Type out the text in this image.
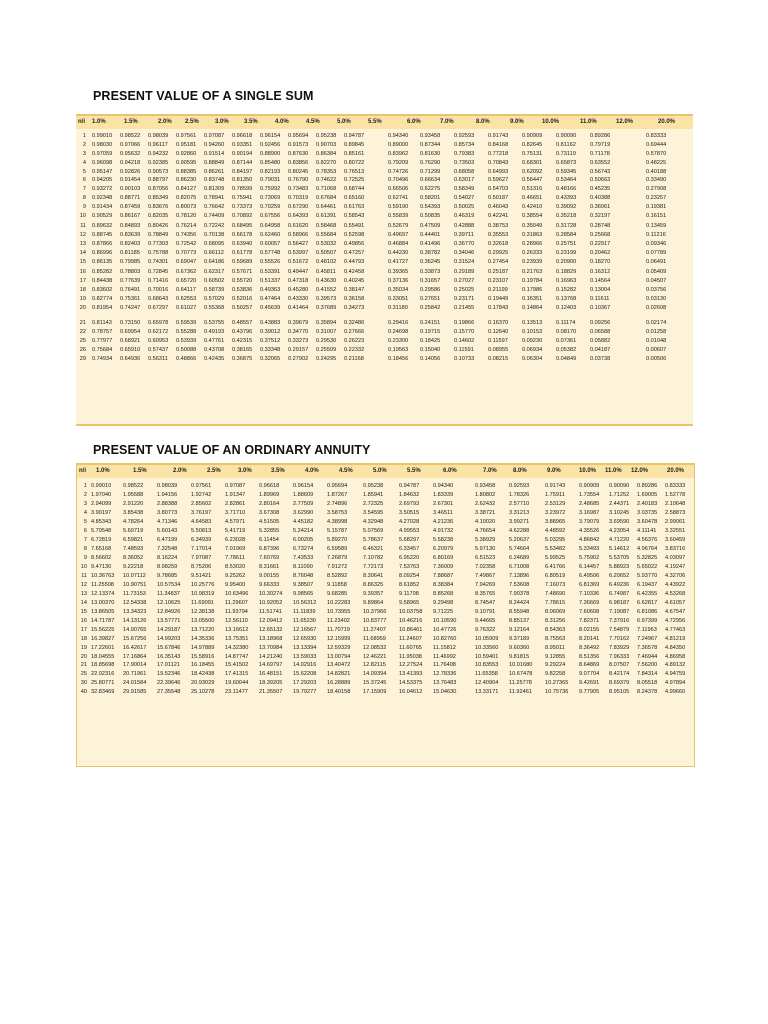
PRESENT VALUE OF A SINGLE SUM
n/i 1.0%	1.5%	2.0% 2.5%	3.0%	3.5%	4.0%	4.5%	5.0%	5.5%	6.0%	7.0%	8.0%	9.0%	10.0%	11.0%	12.0%	20.0%
1 0.99010 0.98522 0.98039 0.97561 0.97087 0.96618 0.96154 0.95694 0.95238 0.94787	0.94340 0.93458 0.92593 0.91743 0.90909 0.90090 0.89286	0.83333
2 0.98030 0.97066 0.96117 0.95181 0.94260 0.93351 0.92456 0.91573 0.90703 0.89845	0.89000 0.87344 0.85734 0.84168 0.82645 0.81162	0.79719	0.69444
3 0.97059 0.95632 0.94232 0.92860 0.91514 0.90194 0.88900 0.87630 0.86384 0.85161	0.83962 0.81630 0.79383 0.77218 0.75131 0.73119	0.71178	0.57870
4 0.96098 0.94218 0.92385 0.90595 0.88849 0.87144 0.85480 0.83856 0.82270 0.80722	0.79209 0.76290 0.73503 0.70843 0.68301 0.65873 0.63552	0.48225
5 0.95147 0.92826 0.90573 0.88385 0.86261 0.84197 0.82193 0.80245 0.78353 0.76513	0.74726 0.71299 0.68058 0.64993 0.62092 0.59345 0.56743	0.40188
6 0.94205 0.91454 0.88797 0.86230 0.83748 0.81350 0.79031 0.76790 0.74622 0.72525	0.70496 0.66634 0.63017 0.59627 0.56447 0.53464 0.50663	0.33490
7 0.93272 0.90103 0.87056 0.84127 0.81309 0.78599 0.75992 0.73483 0.71068 0.68744	0.66506 0.62275 0.58349 0.54703 0.51316 0.48166 0.45235	0.27908
8 0.92348 0.88771 0.85349 0.82075 0.78941 0.75941 0.73069 0.70319 0.67684 0.65160	0.62741 0.58201 0.54027 0.50187 0.46651 0.43393 0.40388	0.23257
9 0.91434 0.87459 0.83676 0.80073 0.76642 0.73373 0.70259 0.67290 0.64461 0.61763	0.59190 0.54393 0.50025 0.46043 0.42410 0.39092 0.36061	0.19381
10 0.90529 0.86167 0.82035 0.78120 0.74409 0.70892 0.67556 0.64393 0.61391 0.58543	0.55839 0.50835 0.46319 0.42241 0.38554 0.35218 0.32197	0.16151
11 0.89632 0.84893 0.80426 0.76214 0.72242 0.68495 0.64958 0.61620 0.58468 0.55491	0.52679 0.47509 0.42888 0.38753 0.35049 0.31728 0.28748	0.13459
12 0.88745 0.83639 0.78849 0.74356 0.70138 0.66178 0.62460 0.58966 0.55684 0.52598	0.49697 0.44401 0.39711	0.35553 0.31863 0.28584 0.25668	0.11216
13 0.87866 0.82403 0.77303 0.72542 0.68095 0.63940 0.60057 0.56427 0.53032 0.49856	0.46884 0.41496 0.36770 0.32618 0.28966 0.25751 0.22917	0.09346
14 0.86996 0.81185 0.75788 0.70773 0.66112 0.61778 0.57748 0.53997 0.50507 0.47257	0.44230 0.38782 0.34046 0.29925 0.26333 0.23199 0.20462	0.07789
15 0.86135 0.79985 0.74301 0.69047 0.64186 0.59689 0.55526 0.51672 0.48102 0.44793	0.41727 0.36245 0.31524 0.27454 0.23939 0.20900 0.18270	0.06491
16 0.85282 0.78803 0.72845 0.67362 0.62317 0.57671 0.53391 0.49447 0.45811 0.42458	0.39365 0.33873 0.29189 0.25187 0.21763 0.18829 0.16312	0.05409
17 0.84438 0.77639 0.71416 0.65720 0.60502 0.55720 0.51337 0.47318 0.43630 0.40245	0.37136 0.31657 0.27027 0.23107 0.19784 0.16963 0.14564	0.04507
18 0.83602 0.76491 0.70016 0.64117 0.58739 0.53836 0.49363 0.45280 0.41552 0.38147	0.35034 0.29586 0.25025 0.21199	0.17986 0.15282 0.13004	0.03756
19 0.82774 0.75361 0.68643 0.62553 0.57029 0.52016 0.47464 0.43330 0.39573 0.36158	0.33051 0.27651 0.23171 0.19449 0.16351 0.13768 0.11611	0.03130
20 0.81954 0.74247 0.67297 0.61027 0.55368 0.50257 0.45639 0.41464 0.37689 0.34273	0.31180 0.25842 0.21455 0.17843 0.14864 0.12403 0.10367	0.02608
21 0.81143 0.73150 0.65978 0.59539 0.53755 0.48557 0.43883 0.39679 0.35894 0.32486	0.29416 0.24151 0.19866 0.16370 0.13513 0.11174	0.09256	0.02174
22 0.78757 0.69954 0.62172 0.55288 0.49193 0.43796 0.39012 0.34770 0.31007 0.27666	0.24698 0.19715 0.15770 0.12640 0.10153 0.08170 0.06588	0.01258
25 0.77977 0.68921 0.60953 0.53939 0.47761 0.42315 0.37512 0.33273 0.29530 0.26223	0.23300 0.18425 0.14602 0.11597	0.09230 0.07361 0.05882	0.01048
26 0.75684 0.65910 0.57437 0.50088 0.43708 0.38165 0.33348 0.29157 0.25509 0.22332	0.19563 0.15040 0.11591	0.08955 0.06934 0.05382 0.04187	0.00607
29 0.74934 0.64936 0.56311 0.48866 0.42435 0.36875 0.32065 0.27902 0.24295 0.21168	0.18456 0.14056 0.10733 0.08215 0.06304 0.04849 0.03738	0.00506
PRESENT VALUE OF AN ORDINARY ANNUITY
n/i 1.0%	1.5%	2.0%	2.5%	3.0%	3.5%	4.0%	4.5%	5.0%	5.5%	6.0%	7.0%	8.0%	9.0%	10.0% 11.0% 12.0%	20.0%
1 0.99010 0.98522 0.98039 0.97561 0.97087 0.96618 0.96154 0.95694	0.95238	0.94787 0.94340	0.93458 0.92593	0.91743 0.90909 0.90090 0.89286 0.83333
2 1.97040 1.95588 1.94156 1.92742 1.91347 1.89969 1.88609 1.87267	1.85941	1.84632 1.83339	1.80802 1.78326	1.75911	1.73554 1.71252 1.69005 1.52778
3 2.94099 2.91220 2.88388 2.85602 2.82861 2.80164 2.77509 2.74896	2.72325	2.69793 2.67301	2.62432 2.57710	2.53129 2.48685 2.44371 2.40183 2.10648
4 3.90197 3.85438 3.80773 3.76197 3.71710 3.67308 3.62990 3.58753	3.54595	3.50515 3.46511	3.38721 3.31213	3.23972 3.16987 3.10245 3.03735 2.58873
5 4.85343 4.78264 4.71346 4.64583 4.57971 4.51505 4.45182 4.38998	4.32948	4.27028 4.21236	4.10020 3.99271	3.88965 3.79079 3.69590 3.60478 2.99061
6 5.79548 5.69719 5.60143 5.50813 5.41719 5.32855 5.24214 5.15787	5.07569	4.99553 4.91732	4.76654 4.62288	4.48592 4.35526 4.23054 4.11141 3.32551
7 6.72819 6.59821 6.47199 6.34939 6.23028 6.11454	6.00205 5.89270	5.78637	5.68297 5.58238	5.38929 5.20637	5.03295 4.86842 4.71220 4.56376 3.60459
8 7.65168 7.48593 7.32548 7.17014 7.01969 6.87396 6.73274 6.59589	6.46321	6.33457 6.20979	5.97130 5.74664	5.53482 5.33493 5.14612 4.96764 3.83716
9 8.56602 8.36052 8.16224 7.97087 7.78611	7.60769 7.43533 7.26879	7.10782	6.95220 6.80169	6.51523 6.24689	5.99525 5.75902 5.53705 5.32825 4.03097
10 9.47130 9.22218 8.98259 8.75206 8.53020 8.31661 8.11090	7.91272	7.72173	7.53763 7.36009	7.02358 6.71008	6.41766 6.14457 5.88923 5.65022 4.19247
11 10.36763 10.07112 9.78685 9.51421 9.25262 9.00155 8.76048 8.52892	8.30641	8.09254 7.88687	7.49867 7.13896	6.80519 6.49506 6.20652 5.93770 4.32706
12 11.25508 10.90751 10.57534 10.25776 9.95400 9.66333 9.38507 9.11858	8.86325	8.61852 8.38384	7.94269 7.53608	7.16073 6.81369 6.49236 6.19437 4.43922
13 12.13374 11.73153 11.34837 10.98319 10.63496 10.30274 9.98565 9.68285	9.39357	9.11708	8.85268	8.35765 7.90378	7.48690 7.10336 6.74987 6.42355 4.53268
14 13.00370 12.54338 12.10625 11.69091 11.29607 10.92052 10.56312 10.22283 9.89864	9.58965 9.29498	8.74547 8.24424	7.78615 7.36669 6.98187 6.62817 4.61057
15 13.86505 13.34323 12.84926 12.38138 11.93794 11.51741 11.11839 10.73955 10.37966 10.03758 9.71225	9.10791 8.55948	8.06069 7.60608 7.19087 6.81086 4.67547
16 14.71787 14.13126 13.57771 13.05500 12.56110 12.09412 11.65230 11.23402 10.83777 10.46216 10.10590	9.44665 8.85137	8.31256 7.82371 7.37916 6.97399 4.72956
17 15.56225 14.90765 14.29187 13.71220 13.16612 12.65132 12.16567 11.70719 11.27407 10.86461 10.47726	9.76322 9.12164	8.54363 8.02155 7.54879 7.11963 4.77463
18 16.39827 15.67256 14.99203 14.35336 13.75351 13.18968 12.65930 12.15999 11.68959 11.24607 10.82760	10.05909 9.37189	8.75563 8.20141 7.70162 7.24967 4.81219
19 17.22601 16.42617 15.67846 14.97889 14.32380 13.70984 13.13394 12.59329 12.08532 11.60765 11.15812	10.33560 9.60360	8.95011	8.36492 7.83929 7.36578 4.84350
20 18.04555 17.16864 16.35143 15.58916 14.87747 14.21240 13.59033 13.00794 12.46221 11.95038 11.46992	10.59401 9.81815	9.12855 8.51356 7.96333 7.46944 4.86958
21 18.85698 17.90014 17.01121 16.18455 15.41502 14.69797 14.02916 13.40472 12.82115 12.27524 11.76408	10.83553 10.01680 9.29224 8.64869 8.07507 7.56200 4.89132
25 22.02316 20.71961 19.52346 18.42438 17.41315 16.48151 15.62208 14.82821 14.09394 13.41393 12.78336	11.65358 10.67478 9.82258 9.07704 8.42174 7.84314 4.94759
30 25.80771 24.01584 22.39646 20.93029 19.60044 18.39205 17.29203 16.28889 15.37245 14.53375 13.76483	12.40904 11.25778 10.27365 9.42691 8.69379 8.05518 4.97894
40 32.83469 29.91585 27.35548 25.10278 23.11477 21.35507 19.79277 18.40158 17.15909 16.04612 15.04630	13.33171 11.92461 10.75736 9.77905 8.95105 8.24378 4.99660
